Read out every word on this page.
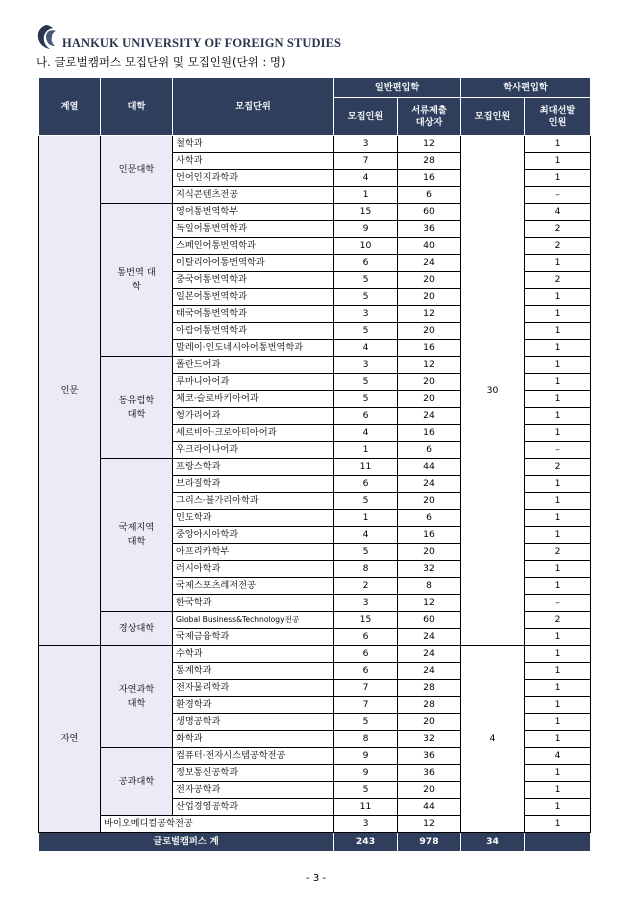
HANKUK UNIVERSITY OF FOREIGN STUDIES
나. 글로벌캠퍼스 모집단위 및 모집인원(단위 : 명)
계열	대학	모집단위	일반편입학		학사편입학	
			모집인원	서류제출 대상자	모집인원	최대선발 인원
인문	인문대학	철학과	3	12	30	1
		사학과	7	28		1
		언어인지과학과	4	16		1
		지식콘텐츠전공	1	6		–
	통번역 대학	영어통번역학부	15	60		4
		독일어통번역학과	9	36		2
		스페인어통번역학과	10	40		2
		이탈리아어통번역학과	6	24		1
		중국어통번역학과	5	20		2
		일본어통번역학과	5	20		1
		태국어통번역학과	3	12		1
		아랍어통번역학과	5	20		1
		말레이·인도네시아어통번역학과	4	16		1
	동유럽학 대학	폴란드어과	3	12		1
		루마니아어과	5	20		1
		체코·슬로바키아어과	5	20		1
		헝가리어과	6	24		1
		세르비아·크로아티아어과	4	16		1
		우크라이나어과	1	6		–
	국제지역 대학	프랑스학과	11	44		2
		브라질학과	6	24		1
		그리스·불가리아학과	5	20		1
		인도학과	1	6		1
		중앙아시아학과	4	16		1
		아프리카학부	5	20		2
		러시아학과	8	32		1
		국제스포츠레저전공	2	8		1
		한국학과	3	12		–
	경상대학	Global Business&Technology전공	15	60		2
		국제금융학과	6	24		1
자연	자연과학 대학	수학과	6	24	4	1
		통계학과	6	24		1
		전자물리학과	7	28		1
		환경학과	7	28		1
		생명공학과	5	20		1
		화학과	8	32		1
	공과대학	컴퓨터·전자시스템공학전공	9	36		4
		정보통신공학과	9	36		1
		전자공학과	5	20		1
		산업경영공학과	11	44		1
	바이오메디컬공학전공		3	12		1
글로벌캠퍼스 계			243	978	34	
- 3 -
